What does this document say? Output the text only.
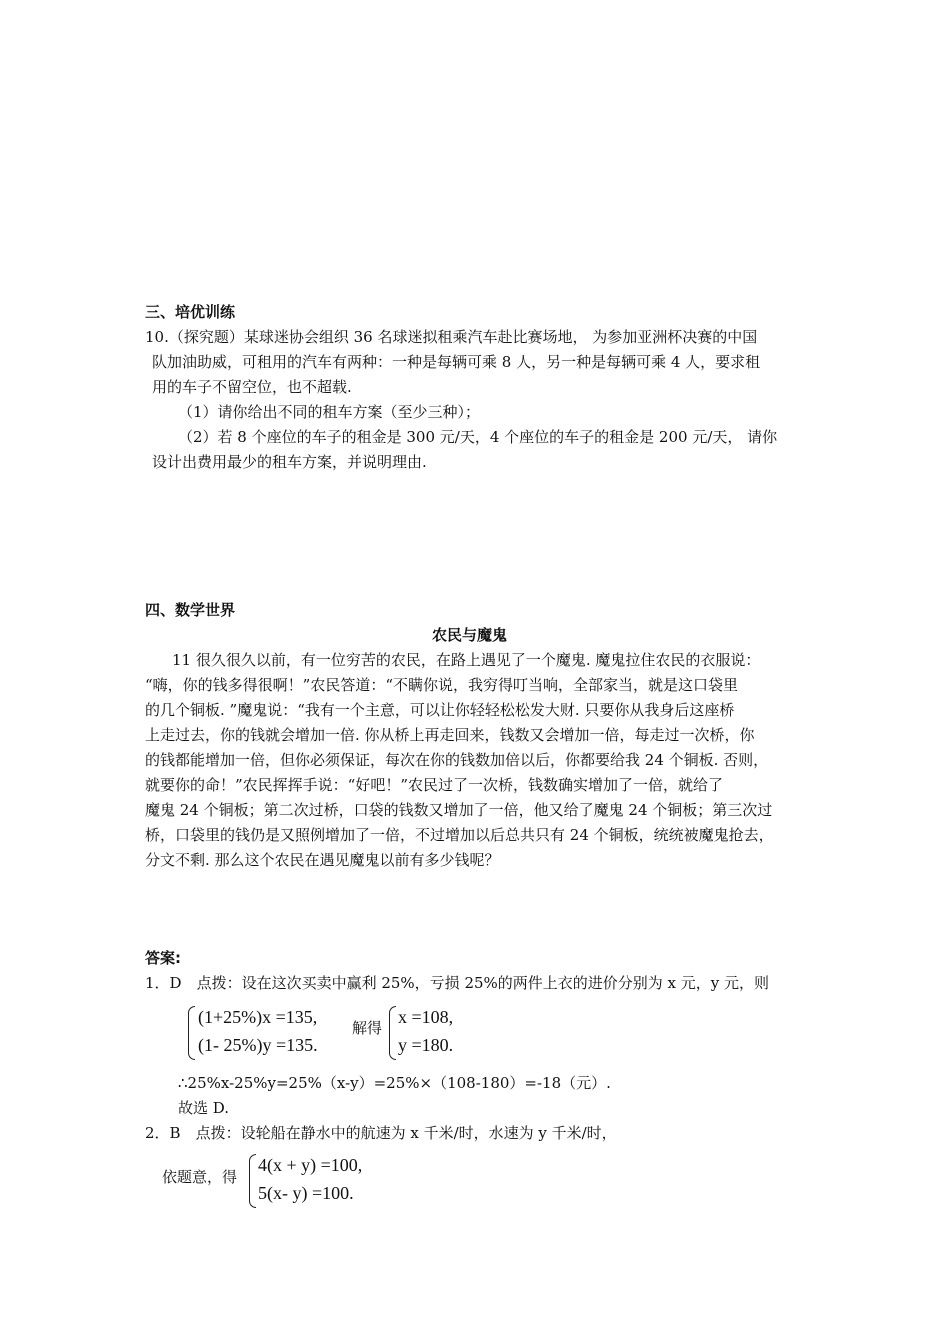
三、培优训练
10.（探究题）某球迷协会组织 36 名球迷拟租乘汽车赴比赛场地， 为参加亚洲杯决赛的中国
队加油助威，可租用的汽车有两种：一种是每辆可乘 8 人，另一种是每辆可乘 4 人，要求租
用的车子不留空位，也不超载.
（1）请你给出不同的租车方案（至少三种）；
（2）若 8 个座位的车子的租金是 300 元/天，4 个座位的车子的租金是 200 元/天， 请你
设计出费用最少的租车方案，并说明理由.
四、数学世界
农民与魔鬼
11 很久很久以前，有一位穷苦的农民，在路上遇见了一个魔鬼. 魔鬼拉住农民的衣服说：
“嗨，你的钱多得很啊！”农民答道：“不瞒你说，我穷得叮当响，全部家当，就是这口袋里
的几个铜板. ”魔鬼说：“我有一个主意，可以让你轻轻松松发大财. 只要你从我身后这座桥
上走过去，你的钱就会增加一倍. 你从桥上再走回来，钱数又会增加一倍，每走过一次桥，你
的钱都能增加一倍，但你必须保证，每次在你的钱数加倍以后，你都要给我 24 个铜板. 否则，
就要你的命！”农民挥挥手说：“好吧！”农民过了一次桥，钱数确实增加了一倍，就给了
魔鬼 24 个铜板；第二次过桥，口袋的钱数又增加了一倍，他又给了魔鬼 24 个铜板；第三次过
桥，口袋里的钱仍是又照例增加了一倍，不过增加以后总共只有 24 个铜板，统统被魔鬼抢去，
分文不剩. 那么这个农民在遇见魔鬼以前有多少钱呢？
答案:
1．D　点拨：设在这次买卖中赢利 25%，亏损 25%的两件上衣的进价分别为 x 元，y 元，则
(1+25%)x =135,
(1- 25%)y =135.
解得
x =108,
y =180.
∴25%x-25%y=25%（x-y）=25%×（108-180）=-18（元）.
故选 D.
2．B　点拨：设轮船在静水中的航速为 x 千米/时，水速为 y 千米/时，
依题意，得
4(x + y) =100,
5(x- y) =100.
